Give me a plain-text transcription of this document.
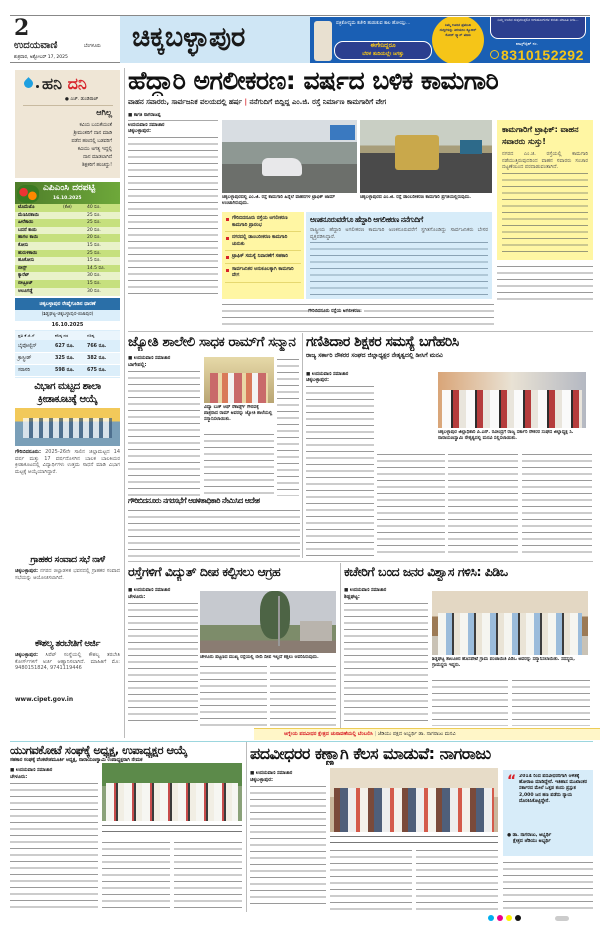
2
ಉದಯವಾಣಿ	ಬೆಂಗಳೂರು
ಶುಕ್ರವಾರ, ಅಕ್ಟೋಬರ್ 17, 2025
ಚಿಕ್ಕಬಳ್ಳಾಪುರ	ಪತ್ರಿಕೋದ್ಯಮ ಕಚೇರಿ ಹುಡುಕುವ ಕಾಲ ಹೋಯ್ತು...
ಈಗೇನಿದ್ದರೂ
ಬೆರಳ ತುದಿಯಲ್ಲೇ ಜಗತ್ತು
ನಿಮ್ಮ ಊರಿನ ಪ್ರಮುಖ ಸುದ್ದಿಗಳನ್ನು ತಿಳಿಯಲು ಕ್ಯೂಆರ್ ಕೋಡ್ ಸ್ಕ್ಯಾನ್ ಮಾಡಿ
ನಿಮ್ಮ ಊರಿನ ಸುತ್ತಮುತ್ತಲಿನ ಆಗುಹೋಗುಗಳ ಕುರಿತು ಮಾಹಿತಿ ನೀಡಿ...
ವಾಟ್ಸ್ಆ್ಯಪ್ ನಂ.
8310152292
ಹನಿ ದನಿ
● ಎಚ್. ಡುಂಡಿರಾಜ್
ಆಗಿಲ್ಲ
ಕವಿಯ ಬಯಕೆಯಂತೆ
ಶ್ರೀಮಂತರಿಗೆ ದಾನ ಮಾಡಿ
ಪಡೆದ ಹಣದಲ್ಲಿ ಬಡವರಿಗೆ
ಕವಿಯು ಅಗತ್ಯ ಇದ್ದಲ್ಲಿ
ದಾನ ಮಾಡಲಾಗಿದೆ
ಶಿಕ್ಷಕರಿಗೆ ಹಂಚಿದ್ದು!
ಎಪಿಎಂಸಿ ದರಪಟ್ಟಿ
16.10.2025
ಟೊಮೆಟೊ	(ಕೆಜಿ)	40 ರೂ.
ಮೆಣಸಿನಕಾಯಿ	25 ರೂ.
ಹೀರೆಕಾಯಿ	25 ರೂ.
ಬದನೆ ಕಾಯಿ	20 ರೂ.
ಹಾಗಲ ಕಾಯಿ	20 ರೂ.
ಕೋಸು	15 ರೂ.
ಹುರುಳಿಕಾಯಿ	25 ರೂ.
ಹೂಕೋಸು	15 ರೂ.
ಬೀನ್ಸ್	14.5 ರೂ.
ಕ್ಯಾರೆಟ್	30 ರೂ.
ಬೀಟ್ರೂಟ್	15 ರೂ.
ಆಲೂಗಡ್ಡೆ	30 ರೂ.
ಚಿಕ್ಕಬಳ್ಳಾಪುರ ರೇಷ್ಮೆಗೂಡಿನ ಧಾರಣೆ
(ಶಿಡ್ಲಘಟ್ಟ-ಚಿಕ್ಕಬಳ್ಳಾಪುರ-ಬಿಜಾಪುರ)
16.10.2025
ಪ್ರತಿ ಕೆ.ಜಿ.ಗೆ	ಕನಿಷ್ಠ ದರ	ಗರಿಷ್ಠ
ಬೈವೋಲ್ಟಿನ್	627 ರೂ.	766 ರೂ.
ಕ್ರಾಸ್ಬ್ರೀಡ್	325 ರೂ.	382 ರೂ.
ಸರಾಸರಿ	598 ರೂ.	675 ರೂ.
ವಿಭಾಗ ಮಟ್ಟದ ಶಾಲಾ
ಕ್ರೀಡಾಕೂಟಕ್ಕೆ ಆಯ್ಕೆ
ಗೌರಿಬಿದನೂರು: 2025-26ನೇ ಸಾಲಿನ ಜಿಲ್ಲಾಮಟ್ಟದ 14 ವರ್ಷ ಮತ್ತು 17 ವರ್ಷದೊಳಗಿನ ಬಾಲಕ ಬಾಲಕಿಯರ ಕ್ರೀಡಾಕೂಟದಲ್ಲಿ ವಿದ್ಯಾರ್ಥಿಗಳು ಉತ್ತಮ ಸಾಧನೆ ಮಾಡಿ ವಿಭಾಗ ಮಟ್ಟಕ್ಕೆ ಆಯ್ಕೆಯಾಗಿದ್ದಾರೆ.
ಗ್ರಾಹಕರ ಸಂವಾದ ಸಭೆ ನಾಳೆ
ಚಿಕ್ಕಬಳ್ಳಾಪುರ: ನಗರದ ಜಿಲ್ಲಾಡಳಿತ ಭವನದಲ್ಲಿ ಗ್ರಾಹಕರ ಸಂವಾದ ಸಭೆಯನ್ನು ಆಯೋಜಿಸಲಾಗಿದೆ.
ಕೌಶಲ್ಯ ತರಬೇತಿಗೆ ಅರ್ಜಿ
ಚಿಕ್ಕಬಳ್ಳಾಪುರ: ಸಿಪೆಟ್ ಸಂಸ್ಥೆಯಲ್ಲಿ ಕೌಶಲ್ಯ ತರಬೇತಿ ಕೋರ್ಸ್‌ಗಳಿಗೆ ಅರ್ಜಿ ಆಹ್ವಾನಿಸಲಾಗಿದೆ. ಮಾಹಿತಿಗೆ ಮೊ: 9480151824, 9741119446
www.cipet.gov.in
ಹೆದ್ದಾರಿ ಅಗಲೀಕರಣ: ವರ್ಷದ ಬಳಿಕ ಕಾಮಗಾರಿ
ವಾಹನ ಸವಾರರು, ಸಾರ್ವಜನಿಕ ವಲಯದಲ್ಲಿ ಹರ್ಷ | ನನೆಗುದಿಗೆ ಬಿದ್ದಿದ್ದ ಎಂ.ಜಿ. ರಸ್ತೆ ನಿರ್ಮಾಣ ಕಾಮಗಾರಿಗೆ ವೇಗ
■ ಕಾಗತಿ ನಾಗರಾಜಪ್ಪ
ಉದಯವಾಣಿ ಸಮಾಚಾರ
ಚಿಕ್ಕಬಳ್ಳಾಪುರ:
ಚಿಕ್ಕಬಳ್ಳಾಪುರದಲ್ಲಿ ಎಂ.ಜಿ. ರಸ್ತೆ ಕಾಮಗಾರಿ ಹಿನ್ನೆಲೆ ವಾಹನಗಳ ಟ್ರಾಫಿಕ್ ಜಾಮ್ ಉಂಟಾಗಿರುವುದು.
ಚಿಕ್ಕಬಳ್ಳಾಪುರದ ಎಂ.ಜಿ. ರಸ್ತೆ ಡಾಂಬರೀಕರಣ ಕಾಮಗಾರಿ ಪ್ರಗತಿಯಲ್ಲಿರುವುದು.
ಗೌರಿಬಿದನೂರು ರಸ್ತೆಯ ಅಗಲೀಕರಣ ಕಾಮಗಾರಿ ಪ್ರಾರಂಭ
ನಗರದಲ್ಲಿ ಡಾಂಬರೀಕರಣ ಕಾಮಗಾರಿ ಚುರುಕು
ಟ್ರಾಫಿಕ್ ಸಮಸ್ಯೆ ನಿವಾರಣೆಗೆ ಸಹಕಾರಿ
ಸಾರ್ವಜನಿಕರ ಅನುಕೂಲಕ್ಕಾಗಿ ಕಾಮಗಾರಿ ವೇಗ
ಅಣಕನೂರುವರೆಗೂ ಹೆದ್ದಾರಿ ಅಗಲೀಕರಣ ನನೆಗುದಿಗೆ
ರಾಷ್ಟ್ರೀಯ ಹೆದ್ದಾರಿ ಅಗಲೀಕರಣ ಕಾಮಗಾರಿ ಅಣಕನೂರುವರೆಗೆ ಸ್ಥಗಿತಗೊಂಡಿದ್ದು ಸಾರ್ವಜನಿಕರು ಬೇಸರ ವ್ಯಕ್ತಪಡಿಸಿದ್ದಾರೆ.
ಕಾಮಗಾರಿಗೆ ಟ್ರಾಫಿಕ್: ವಾಹನ ಸವಾರರು ಸುಸ್ತು!
ನಗರದ ಎಂ.ಜಿ. ರಸ್ತೆಯಲ್ಲಿ ಕಾಮಗಾರಿ ನಡೆಯುತ್ತಿರುವುದರಿಂದ ವಾಹನ ಸವಾರರು ಸಂಚಾರ ದಟ್ಟಣೆಯಿಂದ ಪರದಾಡುವಂತಾಗಿದೆ.
ಗೌರಿಬಿದನೂರು ರಸ್ತೆಯ ಅಗಲೀಕರಣ:
ಜ್ಯೋತಿ ಶಾಲೇಲಿ ಸಾಧಕ ರಾಮ್‌ಗೆ ಸನ್ಮಾನ
■ ಉದಯವಾಣಿ ಸಮಾಚಾರ
ಬಾಗೇಪಲ್ಲಿ:
ವಿದ್ಯಾ ಬುಕ್ ಆಫ್ ರೆಕಾರ್ಡ್ಸ್ ಗೌರವಕ್ಕೆ ಪಾತ್ರರಾದ ರಾಮ್ ಅವರನ್ನು ಜ್ಯೋತಿ ಶಾಲೆಯಲ್ಲಿ ಸನ್ಮಾನಿಸಲಾಯಿತು.
ಗಣಿತಿದಾರ ಶಿಕ್ಷಕರ ಸಮಸ್ಯೆ ಬಗೆಹರಿಸಿ
ರಾಜ್ಯ ಸರ್ಕಾರಿ ನೌಕರರ ಸಂಘದ ಜಿಲ್ಲಾಧ್ಯಕ್ಷರ ನೇತೃತ್ವದಲ್ಲಿ ಡೀಸಿಗೆ ಮನವಿ
■ ಉದಯವಾಣಿ ಸಮಾಚಾರ
ಚಿಕ್ಕಬಳ್ಳಾಪುರ:
ಚಿಕ್ಕಬಳ್ಳಾಪುರ ಜಿಲ್ಲಾಧಿಕಾರಿ ಪಿ.ಎನ್. ರವೀಂದ್ರಗೆ ರಾಜ್ಯ ಸರ್ಕಾರಿ ನೌಕರರ ಸಂಘದ ಜಿಲ್ಲಾಧ್ಯಕ್ಷ ಸಿ. ನಾರಾಯಣಸ್ವಾಮಿ ನೇತೃತ್ವದಲ್ಲಿ ಮನವಿ ಸಲ್ಲಿಸಲಾಯಿತು.
ಗೌರಿಬಿದನೂರು ನಗರಸಭೆಗೆ ಆಡಳಿತಾಧಿಕಾರಿ ನೇಮಿಸಿದ ಆದೇಶ
ರಸ್ತೆಗಳಿಗೆ ವಿದ್ಯುತ್ ದೀಪ ಕಲ್ಪಿಸಲು ಆಗ್ರಹ
■ ಉದಯವಾಣಿ ಸಮಾಚಾರ
ಚೇಳೂರು:
ಚೇಳೂರು ಪಟ್ಟಣದ ಮುಖ್ಯ ರಸ್ತೆಯಲ್ಲಿ ಬೀದಿ ದೀಪ ಇಲ್ಲದೆ ಕತ್ತಲು ಆವರಿಸಿರುವುದು.
ಕಚೇರಿಗೆ ಬಂದ ಜನರ ವಿಶ್ವಾಸ ಗಳಿಸಿ: ಪಿಡಿಒ
■ ಉದಯವಾಣಿ ಸಮಾಚಾರ
ಶಿಡ್ಲಘಟ್ಟ:
ಶಿಡ್ಲಘಟ್ಟ ತಾಲೂಕಿನ ಹೊಸಪೇಟೆ ಗ್ರಾಮ ಪಂಚಾಯಿತಿ ಪಿಡಿಒ ಅವರನ್ನು ಸನ್ಮಾನಿಸಲಾಯಿತು. ಸದಸ್ಯರು, ಗ್ರಾಮಸ್ಥರು ಇದ್ದರು.
ಆಗ್ನೇಯ ಪದವೀಧರ ಕ್ಷೇತ್ರದ ಚುನಾವಣೆಯಲ್ಲಿ ಬೆಂಬಲಿಸಿ | ಜೆಡಿಯು ಪಕ್ಷದ ಅಭ್ಯರ್ಥಿ ಡಾ. ನಾಗರಾಜು ಮನವಿ
ಯುಗವಕೋಟೆ ಸಂಘಕ್ಕೆ ಅಧ್ಯಕ್ಷ, ಉಪಾಧ್ಯಕ್ಷರ ಆಯ್ಕೆ
ಸಹಕಾರ ಸಂಘಕ್ಕೆ ವೆಂಕಟೇಶಮೂರ್ತಿ ಅಧ್ಯಕ್ಷ, ನಾರಾಯಣಸ್ವಾಮಿ ಉಪಾಧ್ಯಕ್ಷರಾಗಿ ನೇಮಕ
■ ಉದಯವಾಣಿ ಸಮಾಚಾರ
ಚೇಳೂರು:
ಪದವೀಧರರ ಕಣ್ಣಾಗಿ ಕೆಲಸ ಮಾಡುವೆ: ನಾಗರಾಜು
■ ಉದಯವಾಣಿ ಸಮಾಚಾರ
ಚಿಕ್ಕಬಳ್ಳಾಪುರ:	“ 2014 ರಿಂದ ಪದವೀಧರರಿಗಾಗಿ ಆಳಿತಕ್ಕೆ ಹೋರಾಟ ಮಾಡಿದ್ದೇನೆ. ಇತಿಹಾಸ ಮುಖಾಂತರ ಸರ್ಕಾರದ ಮೇಲೆ ಒತ್ತಡ ತಂದು ಪ್ರಸ್ತುತ 2,000 ಜನ ಹಣ ಪಡೆದು ನ್ಯಾಯ ದೊರಕಿಸಿಕೊಟ್ಟಿದ್ದೇನೆ.
● ಡಾ. ನಾಗರಾಜು, ಅಭ್ಯರ್ಥಿ
ಕ್ಷೇತ್ರದ ಜೆಡಿಯು ಅಭ್ಯರ್ಥಿ
